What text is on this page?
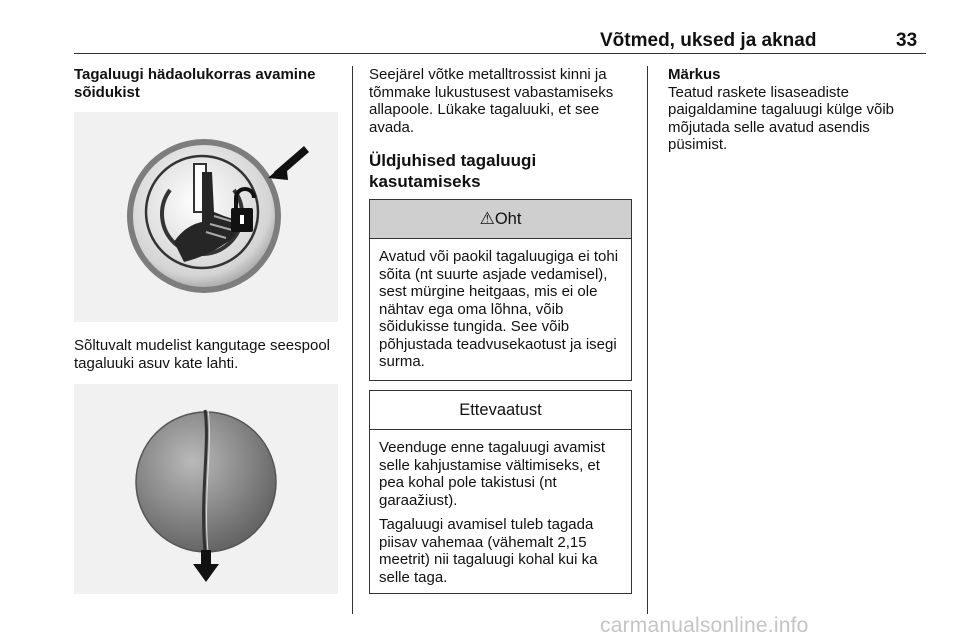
Võtmed, uksed ja aknad	33
Tagaluugi hädaolukorras avamine sõidukist
Sõltuvalt mudelist kangutage seespool tagaluuki asuv kate lahti.
Seejärel võtke metalltrossist kinni ja tõmmake lukustusest vabastamiseks allapoole. Lükake tagaluuki, et see avada.

Üldjuhised tagaluugi kasutamiseks

⚠ Oht

Avatud või paokil tagaluugiga ei tohi sõita (nt suurte asjade vedamisel), sest mürgine heitgaas, mis ei ole nähtav ega oma lõhna, võib sõidukisse tungida. See võib põhjustada teadvusekaotust ja isegi surma.

Ettevaatust

Veenduge enne tagaluugi avamist selle kahjustamise vältimiseks, et pea kohal pole takistusi (nt garaažiust).

Tagaluugi avamisel tuleb tagada piisav vahemaa (vähemalt 2,15 meetrit) nii tagaluugi kohal kui ka selle taga.

Märkus

Teatud raskete lisaseadiste paigaldamine tagaluugi külge võib mõjutada selle avatud asendis püsimist.

carmanualsonline.info
